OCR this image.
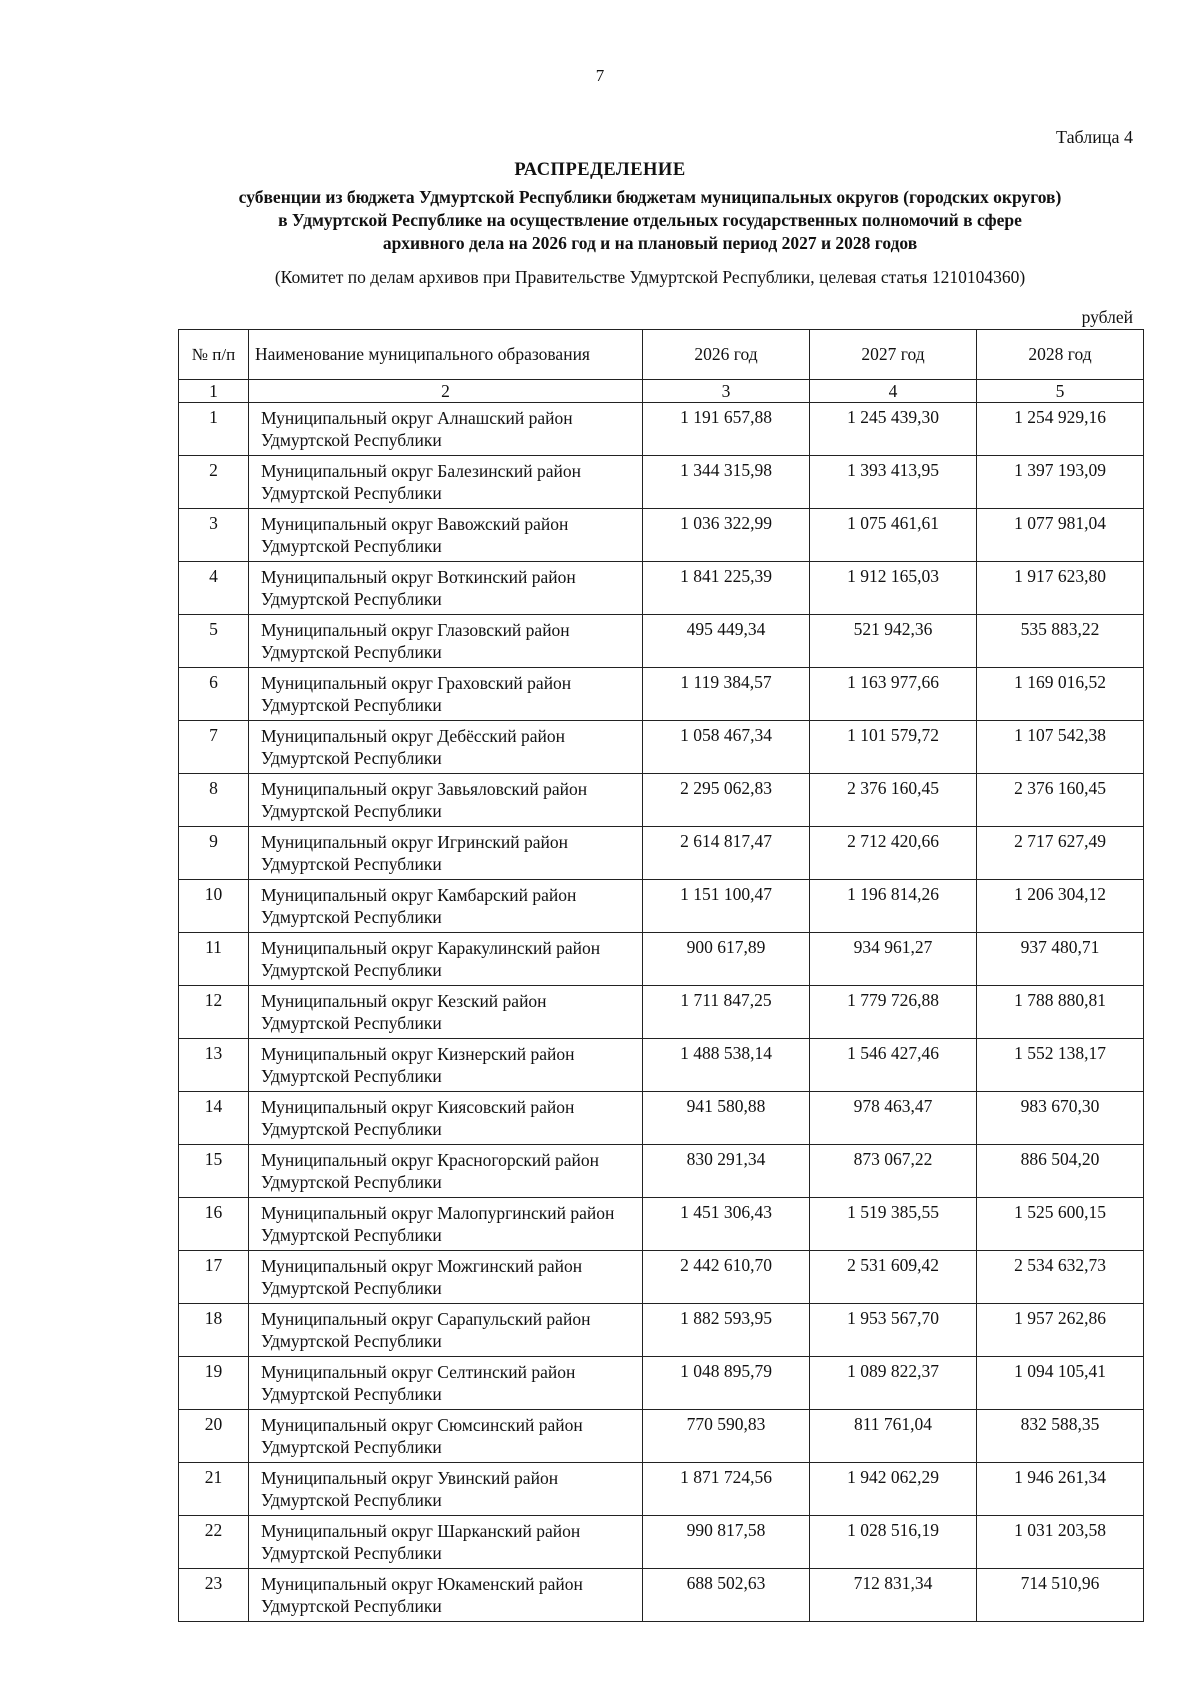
7
Таблица 4
РАСПРЕДЕЛЕНИЕ
субвенции из бюджета Удмуртской Республики бюджетам муниципальных округов (городских округов)
в Удмуртской Республике на осуществление отдельных государственных полномочий в сфере
архивного дела на 2026 год и на плановый период 2027 и 2028 годов
(Комитет по делам архивов при Правительстве Удмуртской Республики, целевая статья 1210104360)
рублей
№ п/п	Наименование муниципального образования	2026 год	2027 год	2028 год
1	2	3	4	5
1	Муниципальный округ Алнашский район Удмуртской Республики	1 191 657,88	1 245 439,30	1 254 929,16
2	Муниципальный округ Балезинский район Удмуртской Республики	1 344 315,98	1 393 413,95	1 397 193,09
3	Муниципальный округ Вавожский район Удмуртской Республики	1 036 322,99	1 075 461,61	1 077 981,04
4	Муниципальный округ Воткинский район Удмуртской Республики	1 841 225,39	1 912 165,03	1 917 623,80
5	Муниципальный округ Глазовский район Удмуртской Республики	495 449,34	521 942,36	535 883,22
6	Муниципальный округ Граховский район Удмуртской Республики	1 119 384,57	1 163 977,66	1 169 016,52
7	Муниципальный округ Дебёсский район Удмуртской Республики	1 058 467,34	1 101 579,72	1 107 542,38
8	Муниципальный округ Завьяловский район Удмуртской Республики	2 295 062,83	2 376 160,45	2 376 160,45
9	Муниципальный округ Игринский район Удмуртской Республики	2 614 817,47	2 712 420,66	2 717 627,49
10	Муниципальный округ Камбарский район Удмуртской Республики	1 151 100,47	1 196 814,26	1 206 304,12
11	Муниципальный округ Каракулинский район Удмуртской Республики	900 617,89	934 961,27	937 480,71
12	Муниципальный округ Кезский район Удмуртской Республики	1 711 847,25	1 779 726,88	1 788 880,81
13	Муниципальный округ Кизнерский район Удмуртской Республики	1 488 538,14	1 546 427,46	1 552 138,17
14	Муниципальный округ Киясовский район Удмуртской Республики	941 580,88	978 463,47	983 670,30
15	Муниципальный округ Красногорский район Удмуртской Республики	830 291,34	873 067,22	886 504,20
16	Муниципальный округ Малопургинский район Удмуртской Республики	1 451 306,43	1 519 385,55	1 525 600,15
17	Муниципальный округ Можгинский район Удмуртской Республики	2 442 610,70	2 531 609,42	2 534 632,73
18	Муниципальный округ Сарапульский район Удмуртской Республики	1 882 593,95	1 953 567,70	1 957 262,86
19	Муниципальный округ Селтинский район Удмуртской Республики	1 048 895,79	1 089 822,37	1 094 105,41
20	Муниципальный округ Сюмсинский район Удмуртской Республики	770 590,83	811 761,04	832 588,35
21	Муниципальный округ Увинский район Удмуртской Республики	1 871 724,56	1 942 062,29	1 946 261,34
22	Муниципальный округ Шарканский район Удмуртской Республики	990 817,58	1 028 516,19	1 031 203,58
23	Муниципальный округ Юкаменский район Удмуртской Республики	688 502,63	712 831,34	714 510,96
